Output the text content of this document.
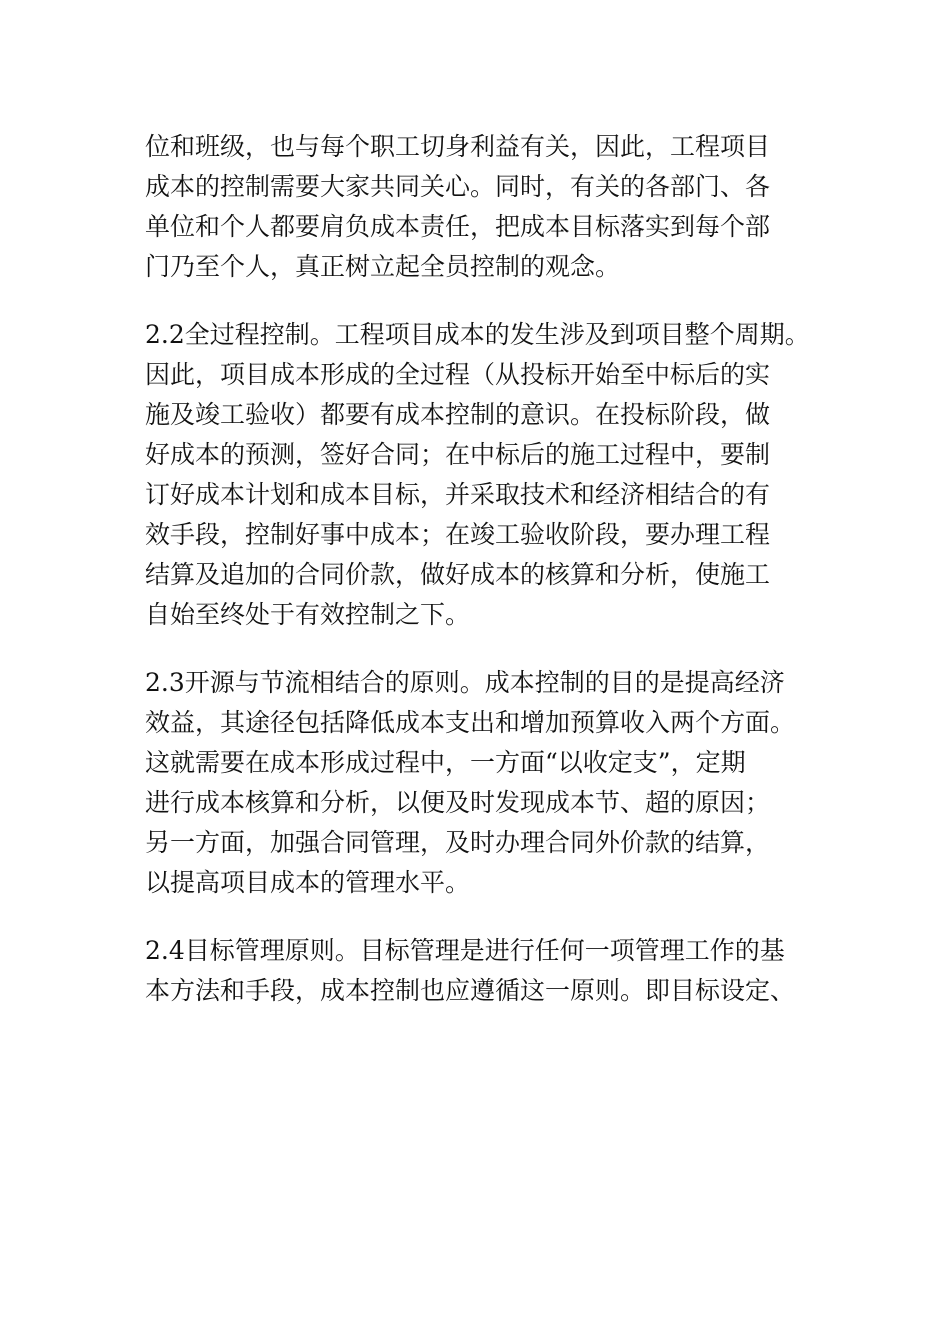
位和班级，也与每个职工切身利益有关，因此，工程项目
成本的控制需要大家共同关心。同时，有关的各部门、各
单位和个人都要肩负成本责任，把成本目标落实到每个部
门乃至个人，真正树立起全员控制的观念。
2.2全过程控制。工程项目成本的发生涉及到项目整个周期。
因此，项目成本形成的全过程（从投标开始至中标后的实
施及竣工验收）都要有成本控制的意识。在投标阶段，做
好成本的预测，签好合同；在中标后的施工过程中，要制
订好成本计划和成本目标，并采取技术和经济相结合的有
效手段，控制好事中成本；在竣工验收阶段，要办理工程
结算及追加的合同价款，做好成本的核算和分析，使施工
自始至终处于有效控制之下。
2.3开源与节流相结合的原则。成本控制的目的是提高经济
效益，其途径包括降低成本支出和增加预算收入两个方面。
这就需要在成本形成过程中，一方面“以收定支”，定期
进行成本核算和分析，以便及时发现成本节、超的原因；
另一方面，加强合同管理，及时办理合同外价款的结算，
以提高项目成本的管理水平。
2.4目标管理原则。目标管理是进行任何一项管理工作的基
本方法和手段，成本控制也应遵循这一原则。即目标设定、
